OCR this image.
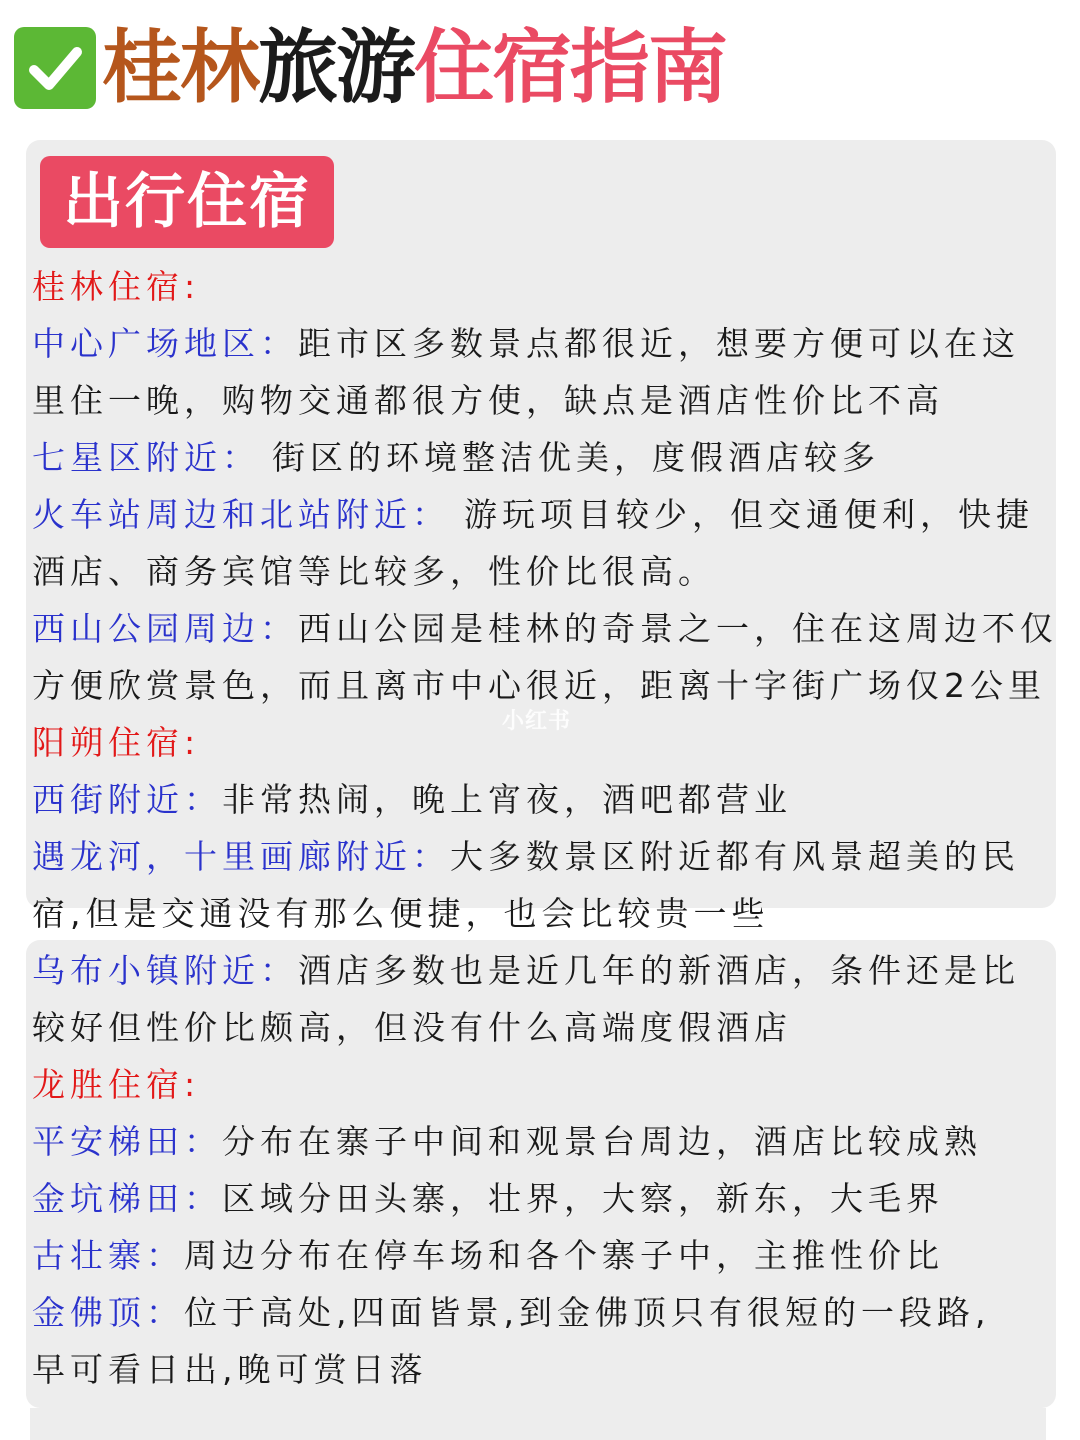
桂林旅游住宿指南
出行住宿
桂林住宿:
中心广场地区：距市区多数景点都很近，想要方便可以在这
里住一晚，购物交通都很方使，缺点是酒店性价比不高
七星区附近： 街区的环境整洁优美，度假酒店较多
火车站周边和北站附近： 游玩项目较少，但交通便利，快捷
酒店、商务宾馆等比较多，性价比很高。
西山公园周边：西山公园是桂林的奇景之一，住在这周边不仅
方便欣赏景色，而且离市中心很近，距离十字街广场仅2公里
阳朔住宿:
西街附近：非常热闹，晚上宵夜，酒吧都营业
遇龙河，十里画廊附近：大多数景区附近都有风景超美的民
宿,但是交通没有那么便捷，也会比较贵一些
乌布小镇附近：酒店多数也是近几年的新酒店，条件还是比
较好但性价比颇高，但没有什么高端度假酒店
龙胜住宿:
平安梯田：分布在寨子中间和观景台周边，酒店比较成熟
金坑梯田：区域分田头寨，壮界，大察，新东，大毛界
古壮寨：周边分布在停车场和各个寨子中，主推性价比
金佛顶：位于高处,四面皆景,到金佛顶只有很短的一段路,
早可看日出,晚可赏日落
小红书
